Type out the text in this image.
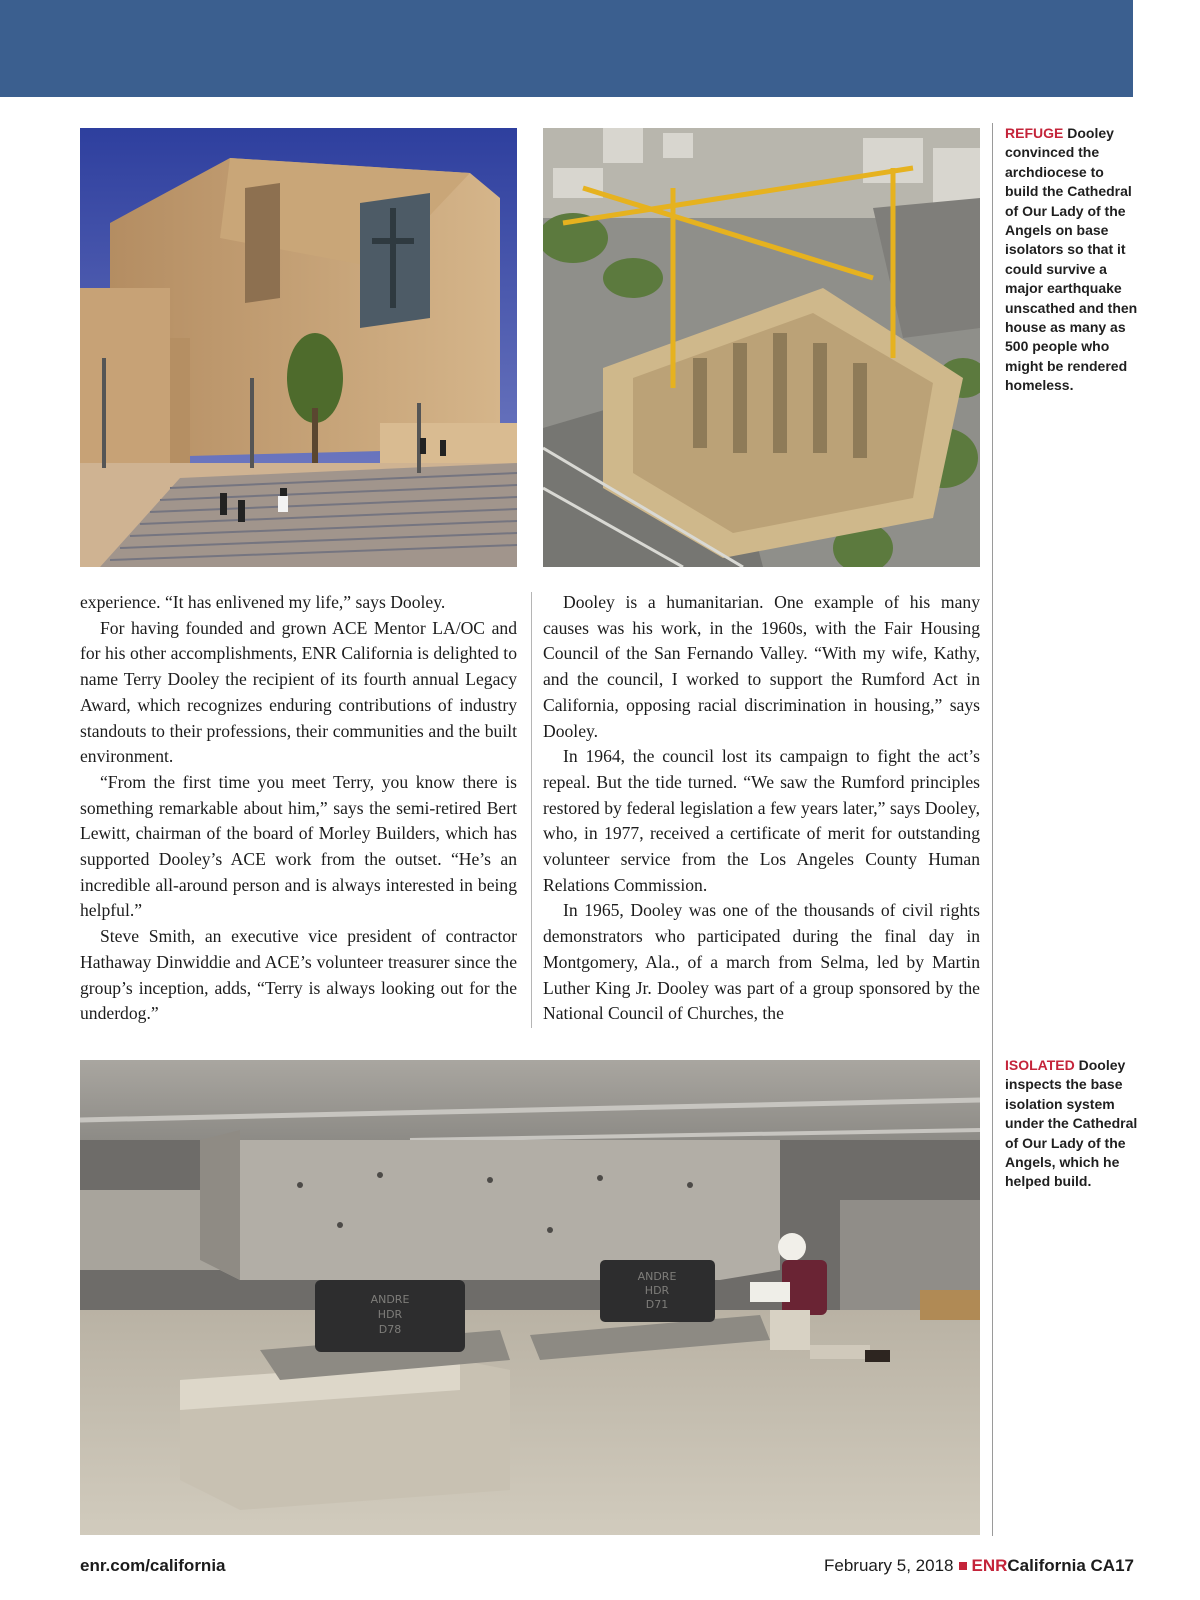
ANDRE
HDR
D78
ANDRE
HDR
D71
REFUGE Dooley convinced the archdiocese to build the Cathedral of Our Lady of the Angels on base isolators so that it could survive a major earthquake unscathed and then house as many as 500 people who might be rendered homeless.
ISOLATED Dooley inspects the base isolation system under the Cathedral of Our Lady of the Angels, which he helped build.

experience. “It has enlivened my life,” says Dooley.

For having founded and grown ACE Mentor LA/OC and for his other accomplishments, ENR California is delighted to name Terry Dooley the recipient of its fourth annual Legacy Award, which recognizes enduring contributions of industry standouts to their professions, their communities and the built environment.

“From the first time you meet Terry, you know there is something remarkable about him,” says the semi-retired Bert Lewitt, chairman of the board of Morley Builders, which has supported Dooley’s ACE work from the outset. “He’s an incredible all-around person and is always interested in being helpful.”

Steve Smith, an executive vice president of contractor Hathaway Dinwiddie and ACE’s volunteer treasurer since the group’s inception, adds, “Terry is always looking out for the underdog.”

Dooley is a humanitarian. One example of his many causes was his work, in the 1960s, with the Fair Housing Council of the San Fernando Valley. “With my wife, Kathy, and the council, I worked to support the Rumford Act in California, opposing racial discrimination in housing,” says Dooley.

In 1964, the council lost its campaign to fight the act’s repeal. But the tide turned. “We saw the Rumford principles restored by federal legislation a few years later,” says Dooley, who, in 1977, received a certificate of merit for outstanding volunteer service from the Los Angeles County Human Relations Commission.

In 1965, Dooley was one of the thousands of civil rights demonstrators who participated during the final day in Montgomery, Ala., of a march from Selma, led by Martin Luther King Jr. Dooley was part of a group sponsored by the National Council of Churches, the

enr.com/california	February 5, 2018 ENRCalifornia CA17
